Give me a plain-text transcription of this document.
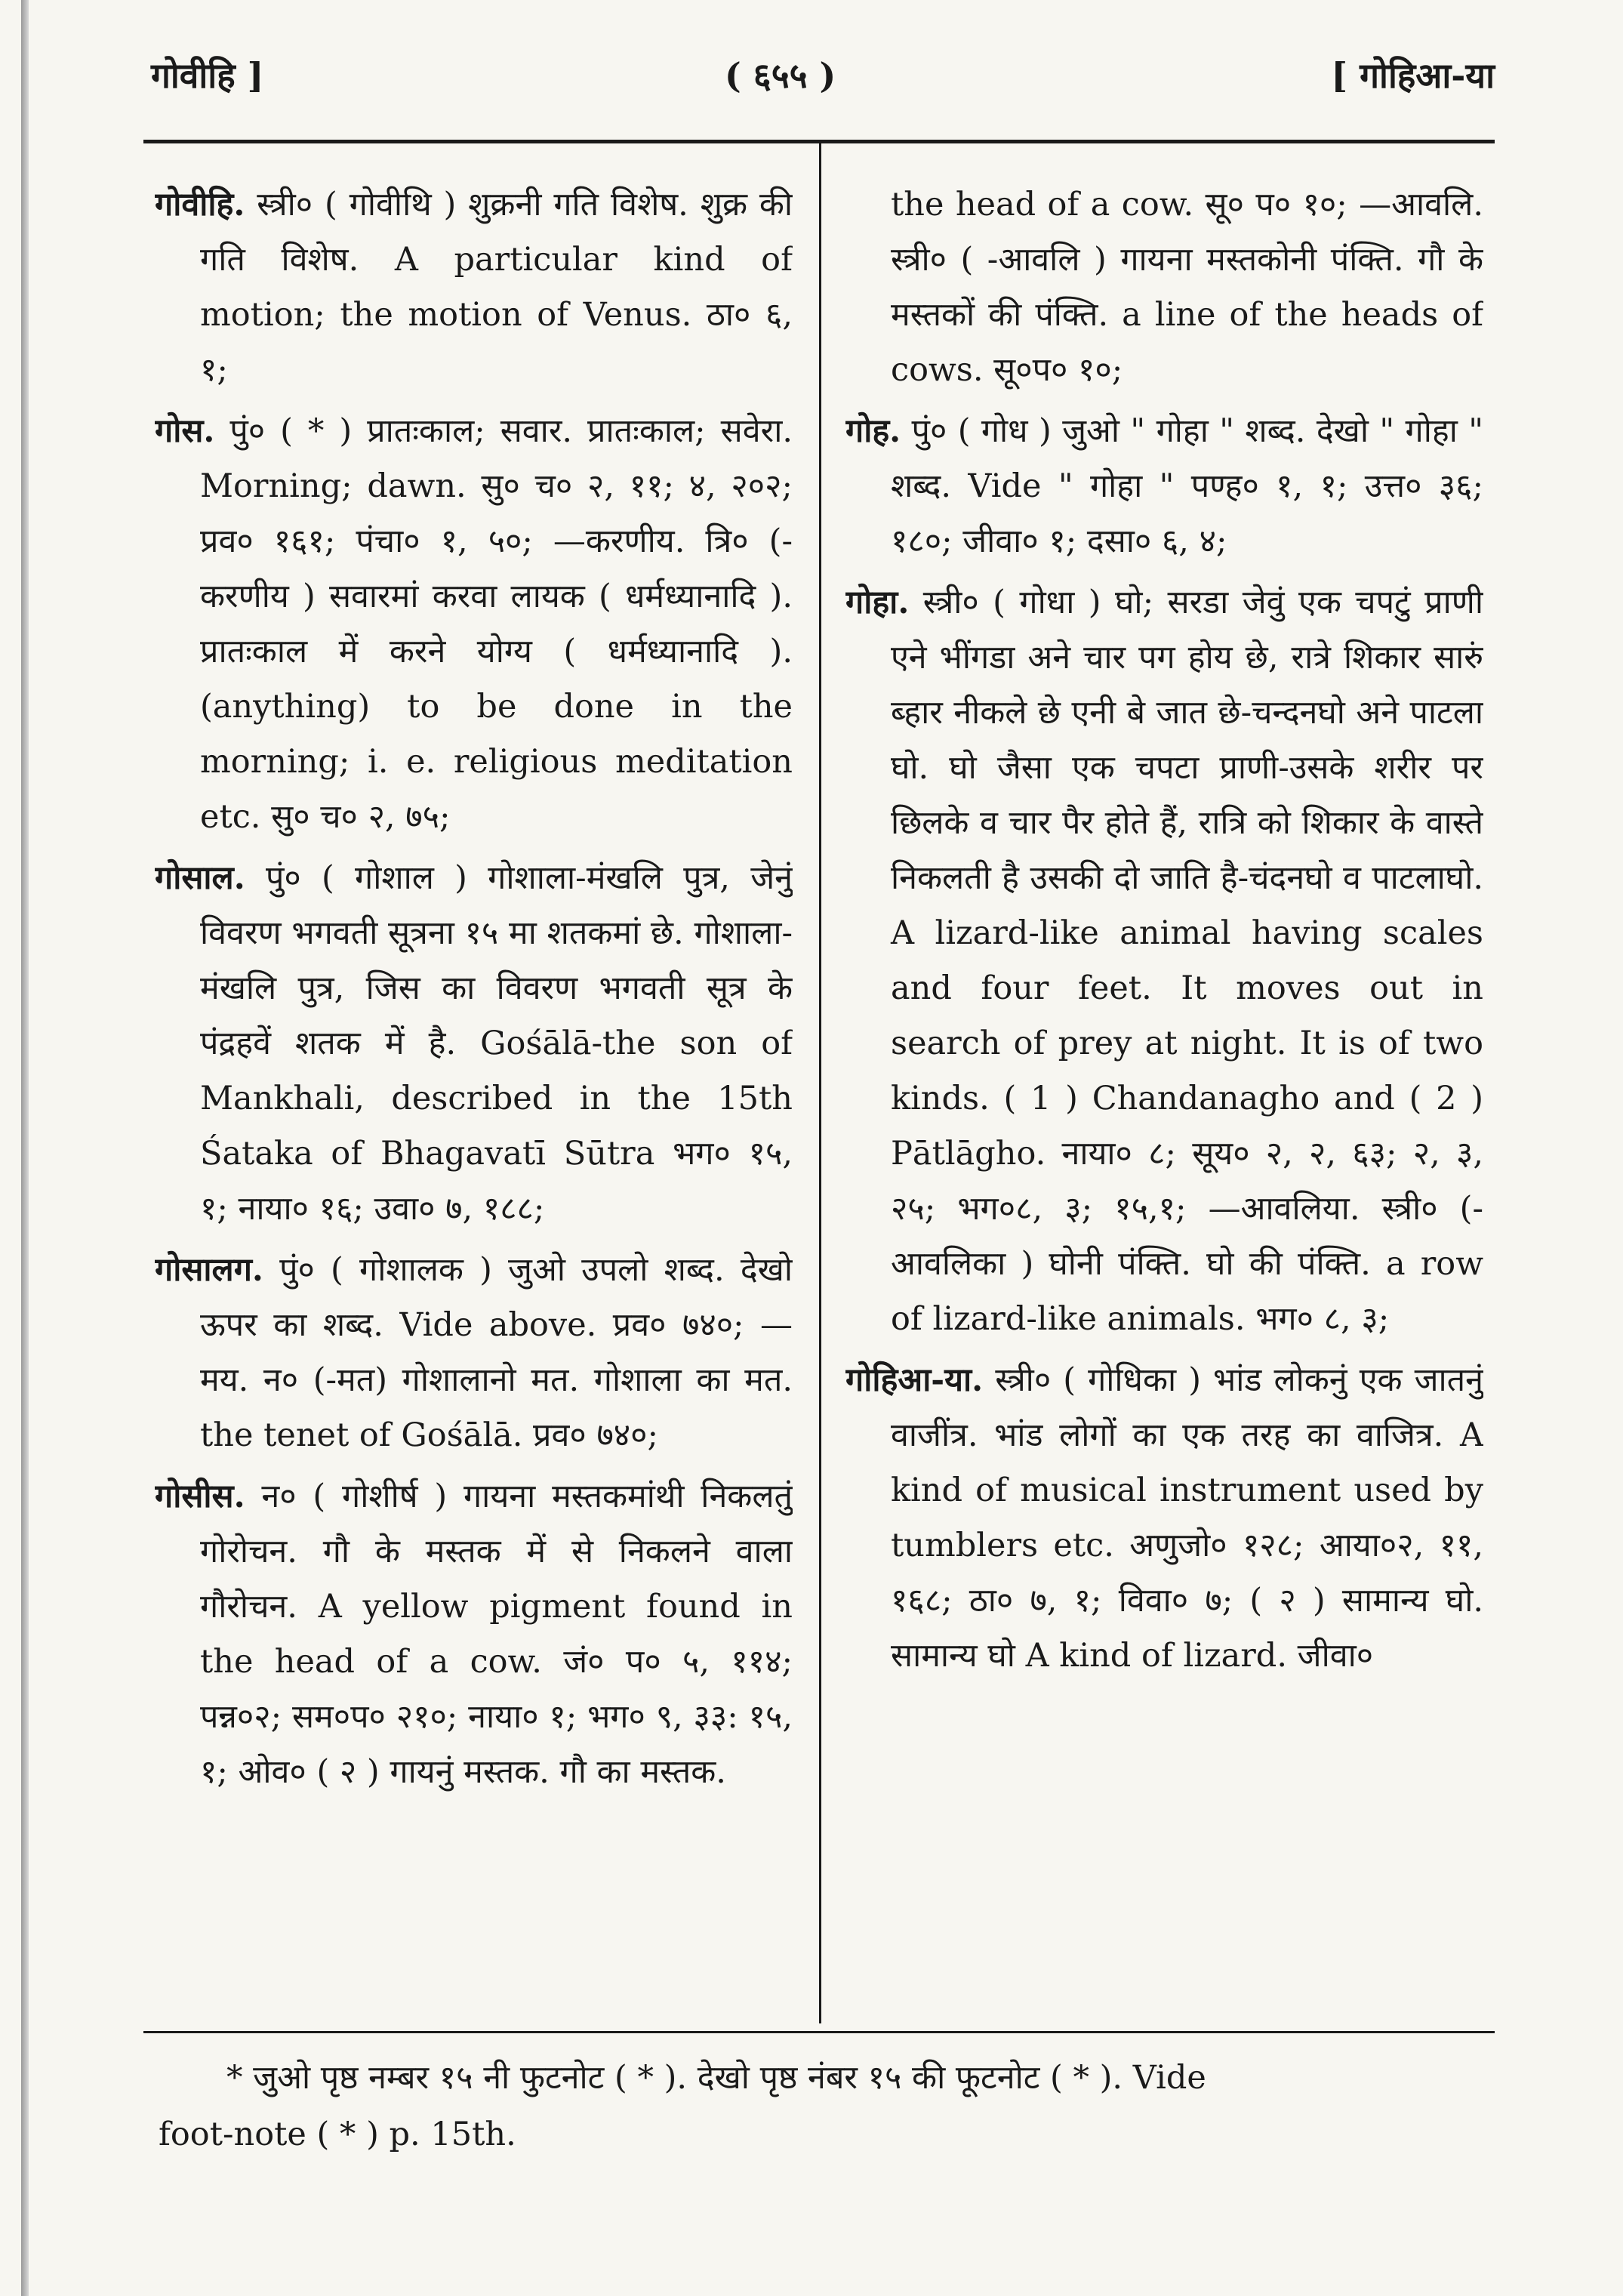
गोवीहि ]	( ६५५ )	[ गोहिआ-या

गोवीहि. स्त्री० ( गोवीथि ) शुक्रनी गति विशेष. शुक्र की गति विशेष. A particular kind of motion; the motion of Venus. ठा० ६, १;

गोस. पुं० ( * ) प्रातःकाल; सवार. प्रातःकाल; सवेरा. Morning; dawn. सु० च० २, ११; ४, २०२; प्रव० १६१; पंचा० १, ५०; —करणीय. त्रि० (-करणीय ) सवारमां करवा लायक ( धर्मध्यानादि ). प्रातःकाल में करने योग्य ( धर्मध्यानादि ). (anything) to be done in the morning; i. e. religious meditation etc. सु० च० २, ७५;

गोसाल. पुं० ( गोशाल ) गोशाला-मंखलि पुत्र, जेनुं विवरण भगवती सूत्रना १५ मा शतकमां छे. गोशाला-मंखलि पुत्र, जिस का विवरण भगवती सूत्र के पंद्रहवें शतक में है. Gośālā-the son of Mankhali, described in the 15th Śataka of Bhagavatī Sūtra भग० १५, १; नाया० १६; उवा० ७, १८८;

गोसालग. पुं० ( गोशालक ) जुओ उपलो शब्द. देखो ऊपर का शब्द. Vide above. प्रव० ७४०; —मय. न० (-मत) गोशालानो मत. गोशाला का मत. the tenet of Gośālā. प्रव० ७४०;

गोसीस. न० ( गोशीर्ष ) गायना मस्तकमांथी निकलतुं गोरोचन. गौ के मस्तक में से निकलने वाला गौरोचन. A yellow pigment found in the head of a cow. जं० प० ५, ११४; पन्न०२; सम०प० २१०; नाया० १; भग० ९, ३३: १५, १; ओव० ( २ ) गायनुं मस्तक. गौ का मस्तक.

the head of a cow. सू० प० १०; —आवलि. स्त्री० ( -आवलि ) गायना मस्तकोनी पंक्ति. गौ के मस्तकों की पंक्ति. a line of the heads of cows. सू०प० १०;

गोह. पुं० ( गोध ) जुओ " गोहा " शब्द. देखो " गोहा " शब्द. Vide " गोहा " पण्ह० १, १; उत्त० ३६; १८०; जीवा० १; दसा० ६, ४;

गोहा. स्त्री० ( गोधा ) घो; सरडा जेवुं एक चपटुं प्राणी एने भींगडा अने चार पग होय छे, रात्रे शिकार सारुं ब्हार नीकले छे एनी बे जात छे-चन्दनघो अने पाटला घो. घो जैसा एक चपटा प्राणी-उसके शरीर पर छिलके व चार पैर होते हैं, रात्रि को शिकार के वास्ते निकलती है उसकी दो जाति है-चंदनघो व पाटलाघो. A lizard-like animal having scales and four feet. It moves out in search of prey at night. It is of two kinds. ( 1 ) Chandanagho and ( 2 ) Pātlāgho. नाया० ८; सूय० २, २, ६३; २, ३, २५; भग०८, ३; १५,१; —आवलिया. स्त्री० (-आवलिका ) घोनी पंक्ति. घो की पंक्ति. a row of lizard-like animals. भग० ८, ३;

गोहिआ-या. स्त्री० ( गोधिका ) भांड लोकनुं एक जातनुं वाजींत्र. भांड लोगों का एक तरह का वाजित्र. A kind of musical instrument used by tumblers etc. अणुजो० १२८; आया०२, ११, १६८; ठा० ७, १; विवा० ७; ( २ ) सामान्य घो. सामान्य घो A kind of lizard. जीवा०

* जुओ पृष्ठ नम्बर १५ नी फुटनोट ( * ). देखो पृष्ठ नंबर १५ की फूटनोट ( * ). Vide
foot-note ( * ) p. 15th.
